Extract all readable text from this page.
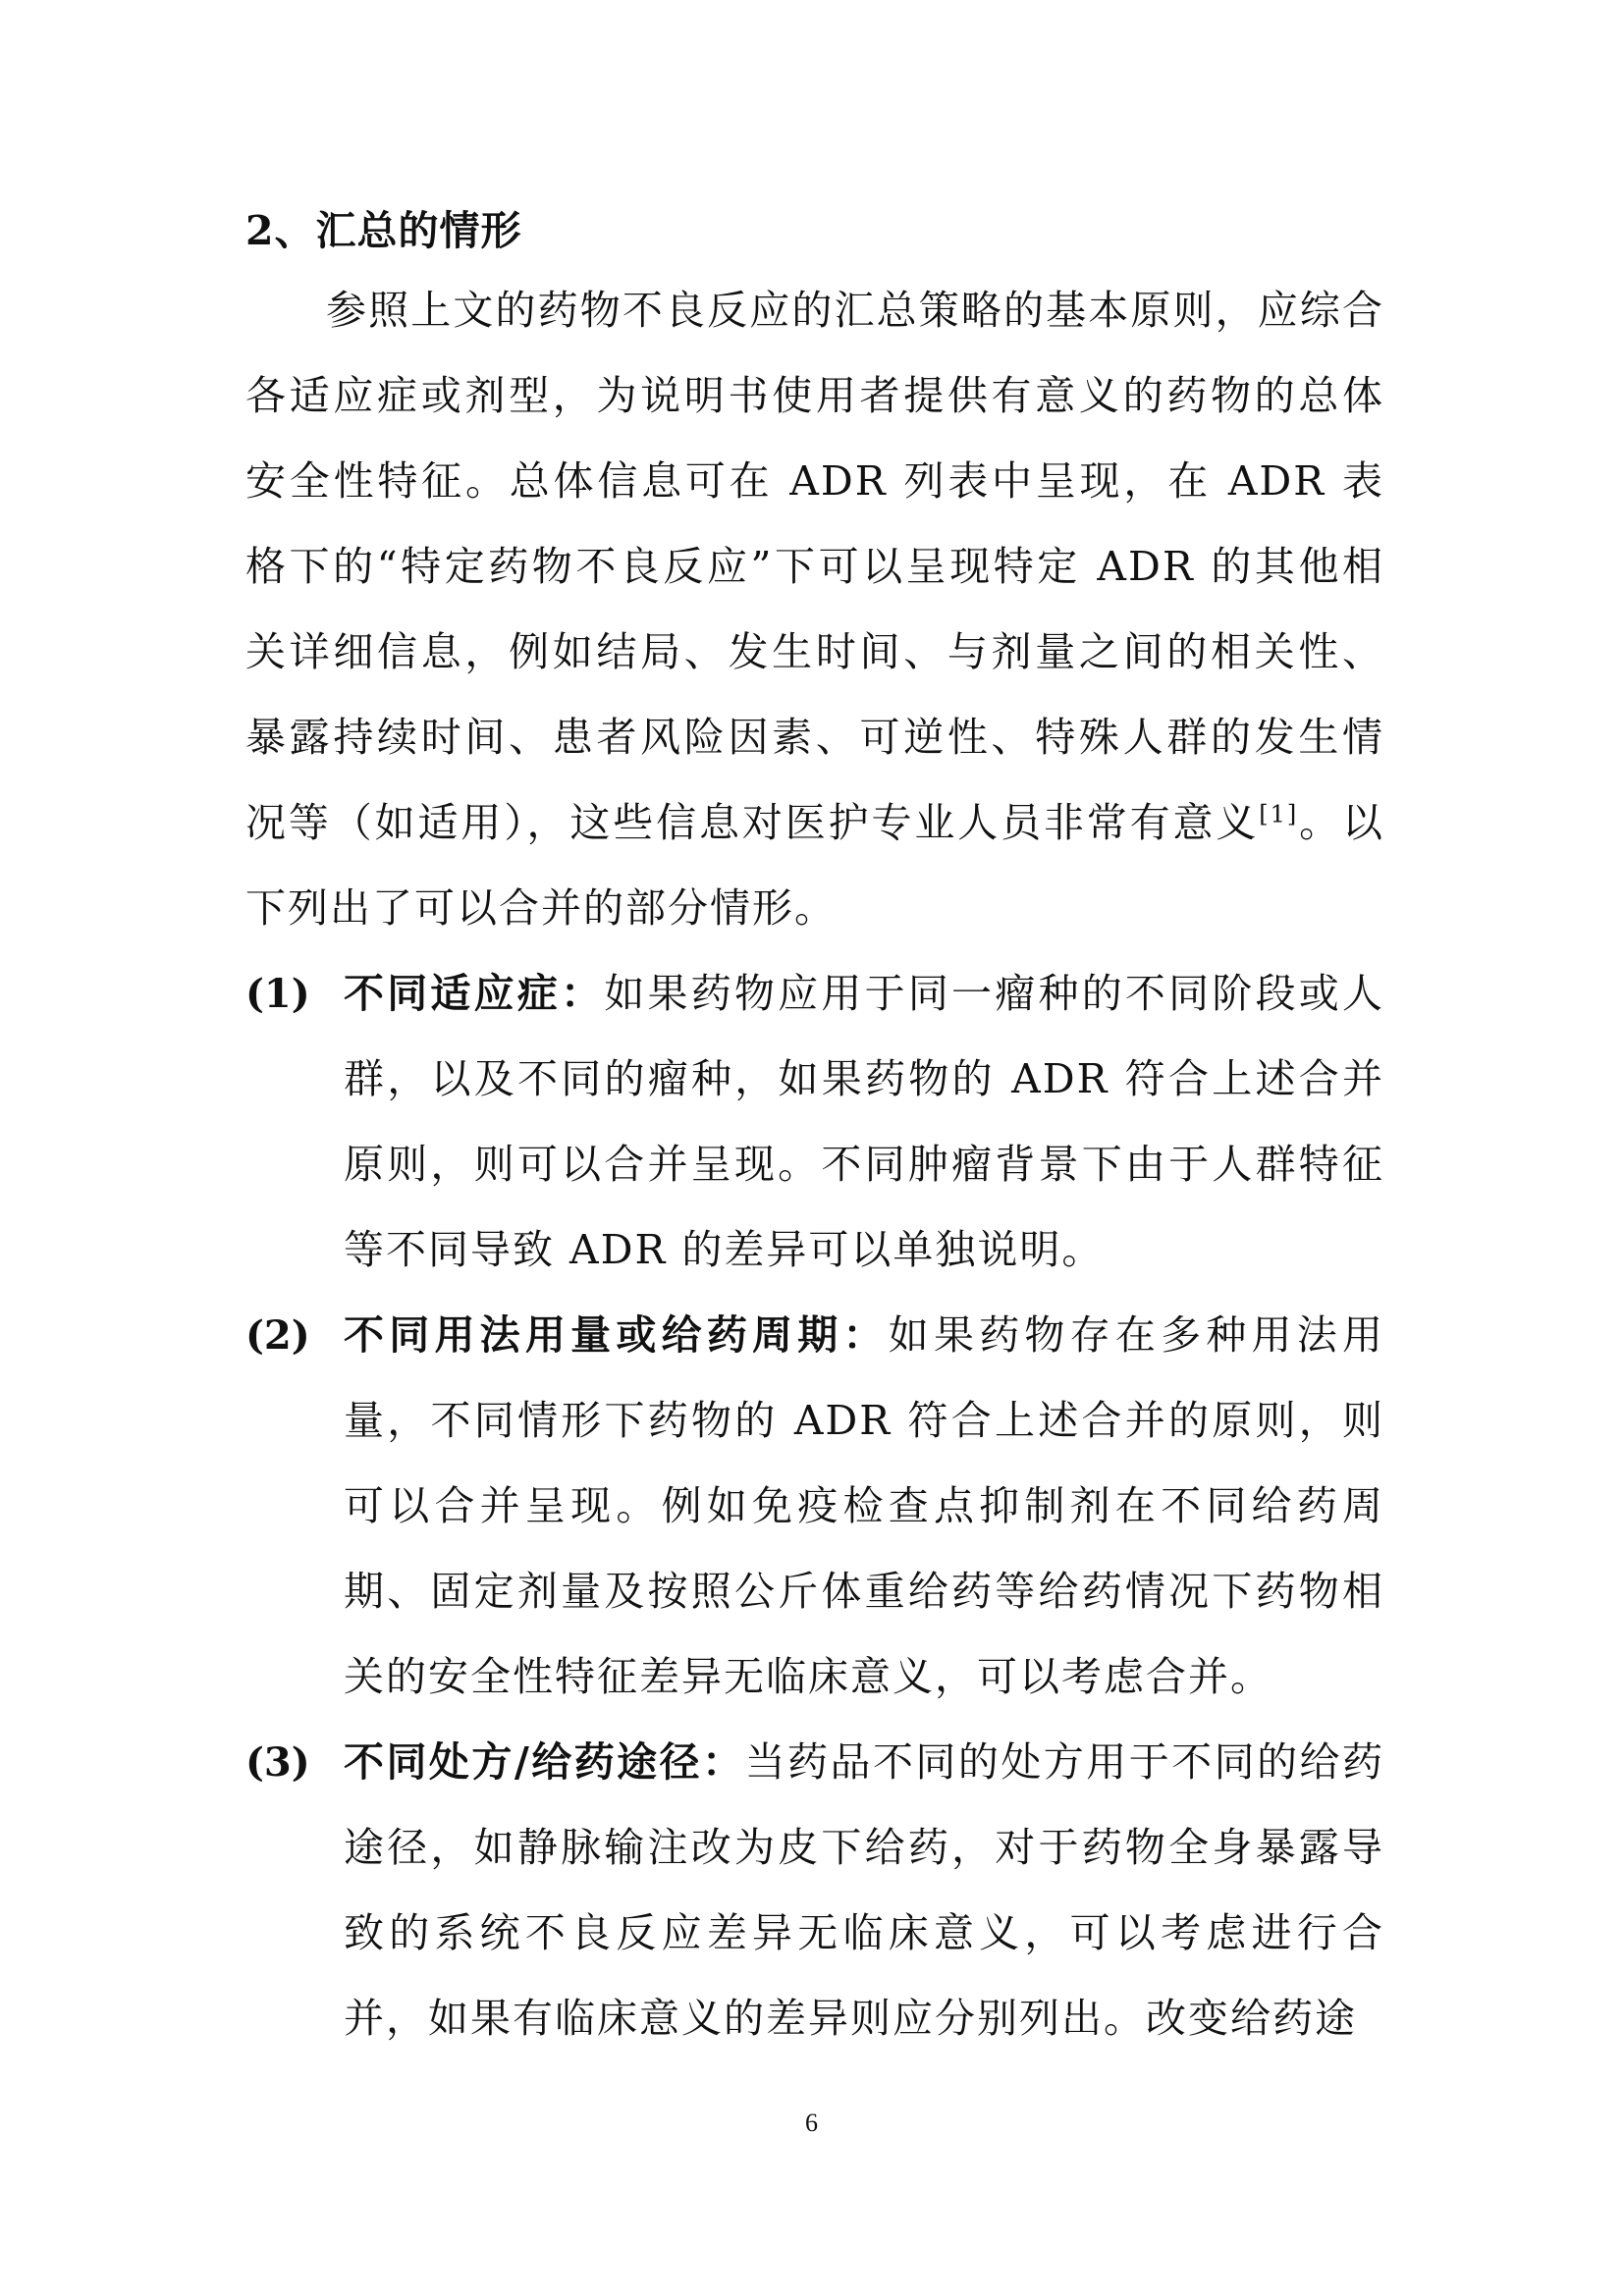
2、汇总的情形

参照上文的药物不良反应的汇总策略的基本原则，应综合各适应症或剂型，为说明书使用者提供有意义的药物的总体安全性特征。总体信息可在 ADR 列表中呈现，在 ADR 表格下的“特定药物不良反应”下可以呈现特定 ADR 的其他相关详细信息，例如结局、发生时间、与剂量之间的相关性、暴露持续时间、患者风险因素、可逆性、特殊人群的发生情况等（如适用），这些信息对医护专业人员非常有意义[1]。以下列出了可以合并的部分情形。

(1) 不同适应症：如果药物应用于同一瘤种的不同阶段或人群，以及不同的瘤种，如果药物的 ADR 符合上述合并原则，则可以合并呈现。不同肿瘤背景下由于人群特征等不同导致 ADR 的差异可以单独说明。
(2) 不同用法用量或给药周期：如果药物存在多种用法用量，不同情形下药物的 ADR 符合上述合并的原则，则可以合并呈现。例如免疫检查点抑制剂在不同给药周期、固定剂量及按照公斤体重给药等给药情况下药物相关的安全性特征差异无临床意义，可以考虑合并。
(3) 不同处方/给药途径：当药品不同的处方用于不同的给药途径，如静脉输注改为皮下给药，对于药物全身暴露导致的系统不良反应差异无临床意义，可以考虑进行合并，如果有临床意义的差异则应分别列出。改变给药途
6
